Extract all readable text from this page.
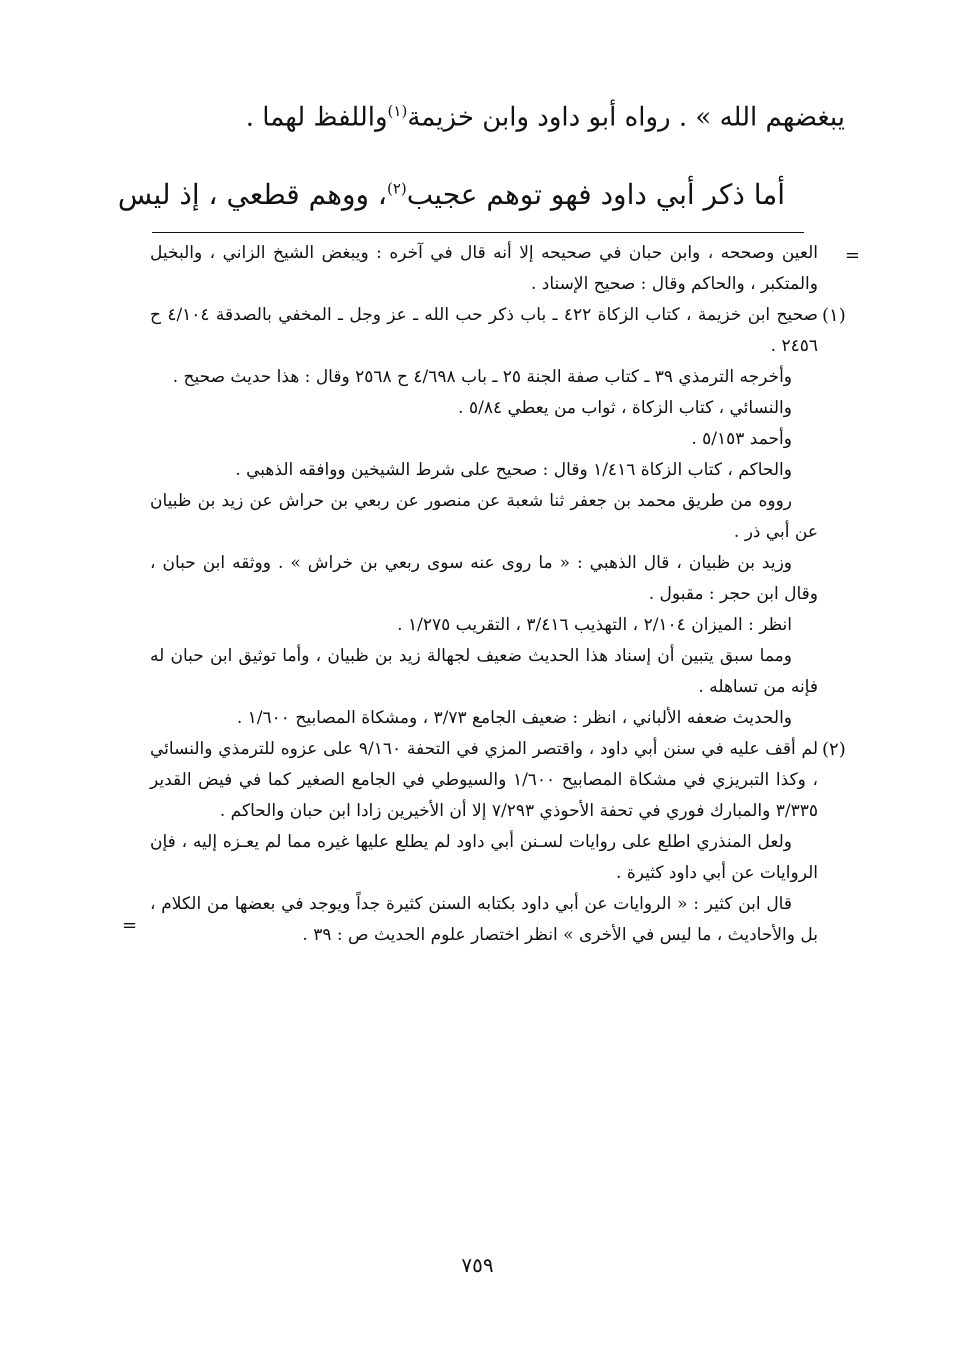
يبغضهم الله » . رواه أبو داود وابن خزيمة$^{(١)}$واللفظ لهما .
أما ذكر أبي داود فهو توهم عجيب$^{(٢)}$، ووهم قطعي ، إذ ليس
=

العين وصححه ، وابن حبان في صحيحه إلا أنه قال في آخره : ويبغض الشيخ الزاني ، والبخيل والمتكبر ، والحاكم وقال : صحيح الإسناد .

(١)

صحيح ابن خزيمة ، كتاب الزكاة ٤٢٢ ـ باب ذكر حب الله ـ عز وجل ـ المخفي بالصدقة ٤/١٠٤ ح ٢٤٥٦ .

وأخرجه الترمذي ٣٩ ـ كتاب صفة الجنة ٢٥ ـ باب ٤/٦٩٨ ح ٢٥٦٨ وقال : هذا حديث صحيح .

والنسائي ، كتاب الزكاة ، ثواب من يعطي ٥/٨٤ .

وأحمد ٥/١٥٣ .

والحاكم ، كتاب الزكاة ١/٤١٦ وقال : صحيح على شرط الشيخين ووافقه الذهبي .

رووه من طريق محمد بن جعفر ثنا شعبة عن منصور عن ربعي بن حراش عن زيد بن ظبيان عن أبي ذر .

وزيد بن ظبيان ، قال الذهبي : « ما روى عنه سوى ربعي بن خراش » . ووثقه ابن حبان ، وقال ابن حجر : مقبول .

انظر : الميزان ٢/١٠٤ ، التهذيب ٣/٤١٦ ، التقريب ١/٢٧٥ .

ومما سبق يتبين أن إسناد هذا الحديث ضعيف لجهالة زيد بن ظبيان ، وأما توثيق ابن حبان له فإنه من تساهله .

والحديث ضعفه الألباني ، انظر : ضعيف الجامع ٣/٧٣ ، ومشكاة المصابيح ١/٦٠٠ .

(٢)

لم أقف عليه في سنن أبي داود ، واقتصر المزي في التحفة ٩/١٦٠ على عزوه للترمذي والنسائي ، وكذا التبريزي في مشكاة المصابيح ١/٦٠٠ والسيوطي في الجامع الصغير كما في فيض القدير ٣/٣٣٥ والمبارك فوري في تحفة الأحوذي ٧/٢٩٣ إلا أن الأخيرين زادا ابن حبان والحاكم .

ولعل المنذري اطلع على روايات لسـنن أبي داود لم يطلع عليها غيره مما لم يعـزه إليه ، فإن الروايات عن أبي داود كثيرة .

قال ابن كثير : « الروايات عن أبي داود بكتابه السنن كثيرة جداً ويوجد في بعضها من الكلام ، بل والأحاديث ، ما ليس في الأخرى » انظر اختصار علوم الحديث ص : ٣٩ .

=
٧٥٩
